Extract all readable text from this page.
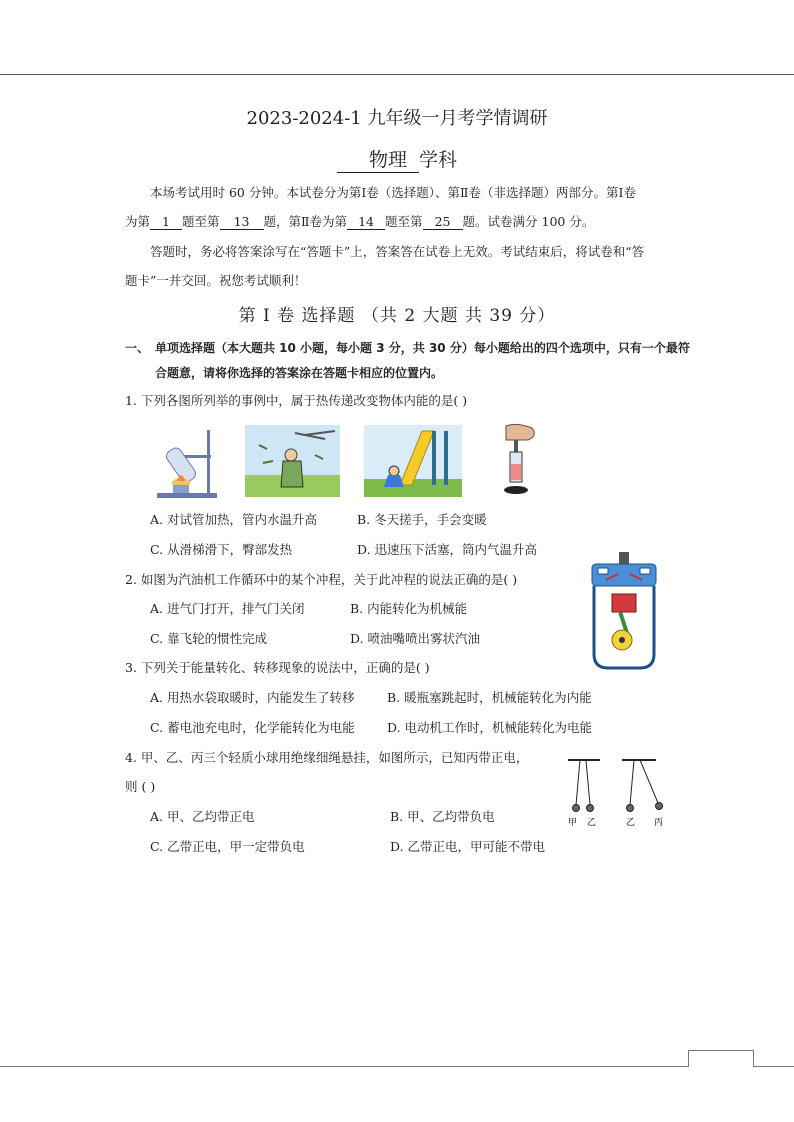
2023-2024-1 九年级一月考学情调研
物理 学科
本场考试用时 60 分钟。本试卷分为第Ⅰ卷（选择题）、第Ⅱ卷（非选择题）两部分。第Ⅰ卷
为第 1 题至第 13 题，第Ⅱ卷为第 14 题至第 25 题。试卷满分 100 分。
答题时，务必将答案涂写在“答题卡”上，答案答在试卷上无效。考试结束后，将试卷和“答
题卡”一并交回。祝您考试顺利！
第 Ⅰ 卷 选择题 （共 2 大题 共 39 分）
一、 单项选择题（本大题共 10 小题，每小题 3 分，共 30 分）每小题给出的四个选项中，只有一个最符
合题意，请将你选择的答案涂在答题卡相应的位置内。
1. 下列各图所列举的事例中，属于热传递改变物体内能的是( )
A. 对试管加热，管内水温升高	B. 冬天搓手，手会变暖
C. 从滑梯滑下，臀部发热	D. 迅速压下活塞，筒内气温升高
2. 如图为汽油机工作循环中的某个冲程，关于此冲程的说法正确的是( )
A. 进气门打开，排气门关闭	B. 内能转化为机械能
C. 靠飞轮的惯性完成	D. 喷油嘴喷出雾状汽油
3. 下列关于能量转化、转移现象的说法中，正确的是( )
A. 用热水袋取暖时，内能发生了转移	B. 暖瓶塞跳起时，机械能转化为内能
C. 蓄电池充电时，化学能转化为电能	D. 电动机工作时，机械能转化为电能
4. 甲、乙、丙三个轻质小球用绝缘细绳悬挂，如图所示，已知丙带正电，
则 ( )
A. 甲、乙均带正电	B. 甲、乙均带负电
C. 乙带正电，甲一定带负电	D. 乙带正电，甲可能不带电
甲 乙	乙 丙
